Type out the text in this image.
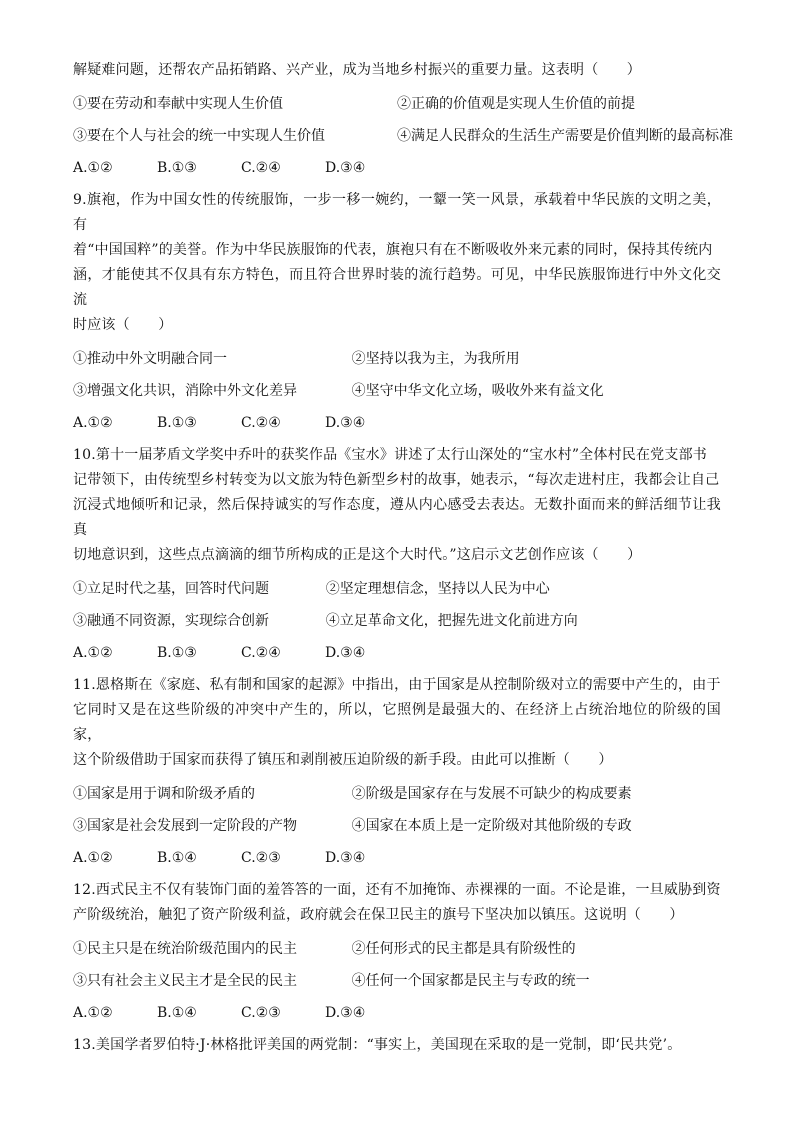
解疑难问题，还帮农产品拓销路、兴产业，成为当地乡村振兴的重要力量。这表明（　　）

①要在劳动和奉献中实现人生价值	②正确的价值观是实现人生价值的前提
③要在个人与社会的统一中实现人生价值	④满足人民群众的生活生产需要是价值判断的最高标准
A.①②	B.①③	C.②④	D.③④

9.旗袍，作为中国女性的传统服饰，一步一移一婉约，一颦一笑一风景，承载着中华民族的文明之美，有

着“中国国粹”的美誉。作为中华民族服饰的代表，旗袍只有在不断吸收外来元素的同时，保持其传统内

涵，才能使其不仅具有东方特色，而且符合世界时装的流行趋势。可见，中华民族服饰进行中外文化交流

时应该（　　）

①推动中外文明融合同一	②坚持以我为主，为我所用
③增强文化共识，消除中外文化差异	④坚守中华文化立场，吸收外来有益文化
A.①②	B.①③	C.②④	D.③④

10.第十一届茅盾文学奖中乔叶的获奖作品《宝水》讲述了太行山深处的“宝水村”全体村民在党支部书

记带领下，由传统型乡村转变为以文旅为特色新型乡村的故事，她表示，“每次走进村庄，我都会让自己

沉浸式地倾听和记录，然后保持诚实的写作态度，遵从内心感受去表达。无数扑面而来的鲜活细节让我真

切地意识到，这些点点滴滴的细节所构成的正是这个大时代。”这启示文艺创作应该（　　）

①立足时代之基，回答时代问题	②坚定理想信念，坚持以人民为中心
③融通不同资源，实现综合创新	④立足革命文化，把握先进文化前进方向
A.①②	B.①③	C.②④	D.③④

11.恩格斯在《家庭、私有制和国家的起源》中指出，由于国家是从控制阶级对立的需要中产生的，由于

它同时又是在这些阶级的冲突中产生的，所以，它照例是最强大的、在经济上占统治地位的阶级的国家，

这个阶级借助于国家而获得了镇压和剥削被压迫阶级的新手段。由此可以推断（　　）

①国家是用于调和阶级矛盾的	②阶级是国家存在与发展不可缺少的构成要素
③国家是社会发展到一定阶段的产物	④国家在本质上是一定阶级对其他阶级的专政
A.①②	B.①④	C.②③	D.③④

12.西式民主不仅有装饰门面的羞答答的一面，还有不加掩饰、赤裸裸的一面。不论是谁，一旦威胁到资

产阶级统治，触犯了资产阶级利益，政府就会在保卫民主的旗号下坚决加以镇压。这说明（　　）

①民主只是在统治阶级范围内的民主	②任何形式的民主都是具有阶级性的
③只有社会主义民主才是全民的民主	④任何一个国家都是民主与专政的统一
A.①②	B.①④	C.②③	D.③④

13.美国学者罗伯特·J·林格批评美国的两党制：“事实上，美国现在采取的是一党制，即‘民共党’。
